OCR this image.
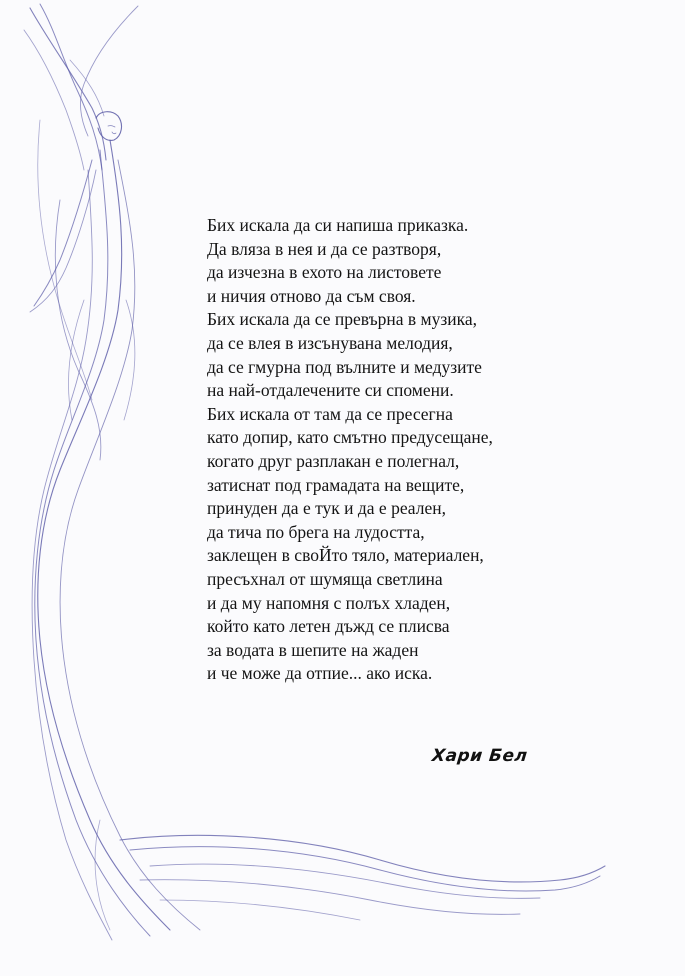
Бих искала да си напиша приказка.
Да вляза в нея и да се разтворя,
да изчезна в ехото на листовете
и ничия отново да съм своя.
Бих искала да се превърна в музика,
да се влея в изсънувана мелодия,
да се гмурна под вълните и медузите
на най-отдалечените си спомени.
Бих искала от там да се пресегна
като допир, като смътно предусещане,
когато друг разплакан е полегнал,
затиснат под грамадата на вещите,
принуден да е тук и да е реален,
да тича по брега на лудостта,
заклещен в своЙто тяло, материален,
пресъхнал от шумяща светлина
и да му напомня с полъх хладен,
който като летен дъжд се плисва
за водата в шепите на жаден
и че може да отпие... ако иска.
Хари Бел
